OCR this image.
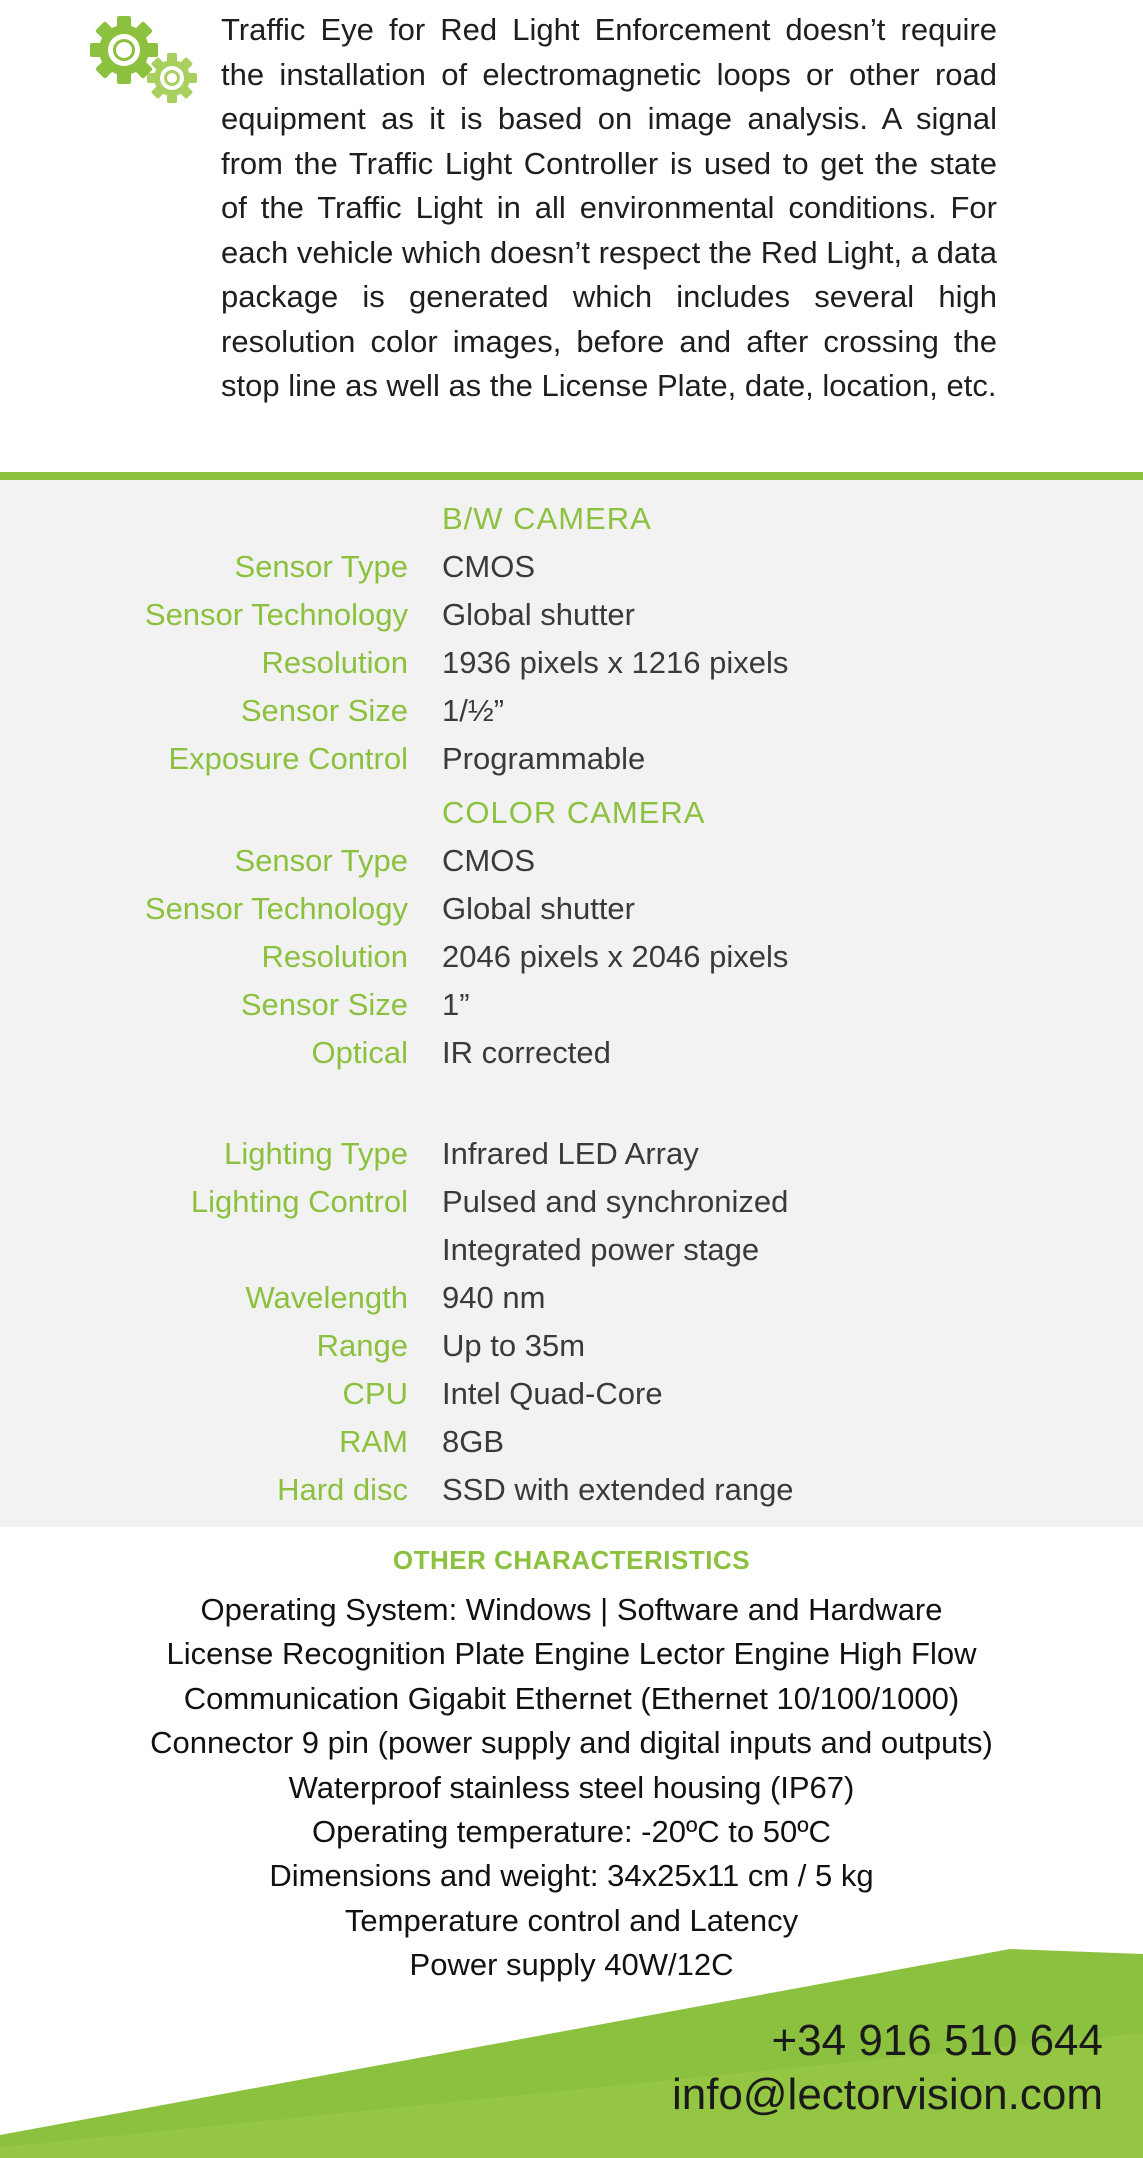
Traffic Eye for Red Light Enforcement doesn’t require the installation of electromagnetic loops or other road equipment as it is based on image analysis. A signal from the Traffic Light Controller is used to get the state of the Traffic Light in all environmental conditions. For each vehicle which doesn’t respect the Red Light, a data package is generated which includes several high resolution color images, before and after crossing the stop line as well as the License Plate, date, location, etc.

B/W CAMERA
Sensor Type CMOS
Sensor Technology Global shutter
Resolution 1936 pixels x 1216 pixels
Sensor Size 1/½”
Exposure Control Programmable
COLOR CAMERA
Sensor Type CMOS
Sensor Technology Global shutter
Resolution 2046 pixels x 2046 pixels
Sensor Size 1”
Optical IR corrected
Lighting Type Infrared LED Array
Lighting Control Pulsed and synchronized
Integrated power stage
Wavelength 940 nm
Range Up to 35m
CPU Intel Quad-Core
RAM 8GB
Hard disc SSD with extended range
OTHER CHARACTERISTICS
Operating System: Windows | Software and Hardware
License Recognition Plate Engine Lector Engine High Flow
Communication Gigabit Ethernet (Ethernet 10/100/1000)
Connector 9 pin (power supply and digital inputs and outputs)
Waterproof stainless steel housing (IP67)
Operating temperature: -20ºC to 50ºC
Dimensions and weight: 34x25x11 cm / 5 kg
Temperature control and Latency
Power supply 40W/12C
+34 916 510 644
info@lectorvision.com
